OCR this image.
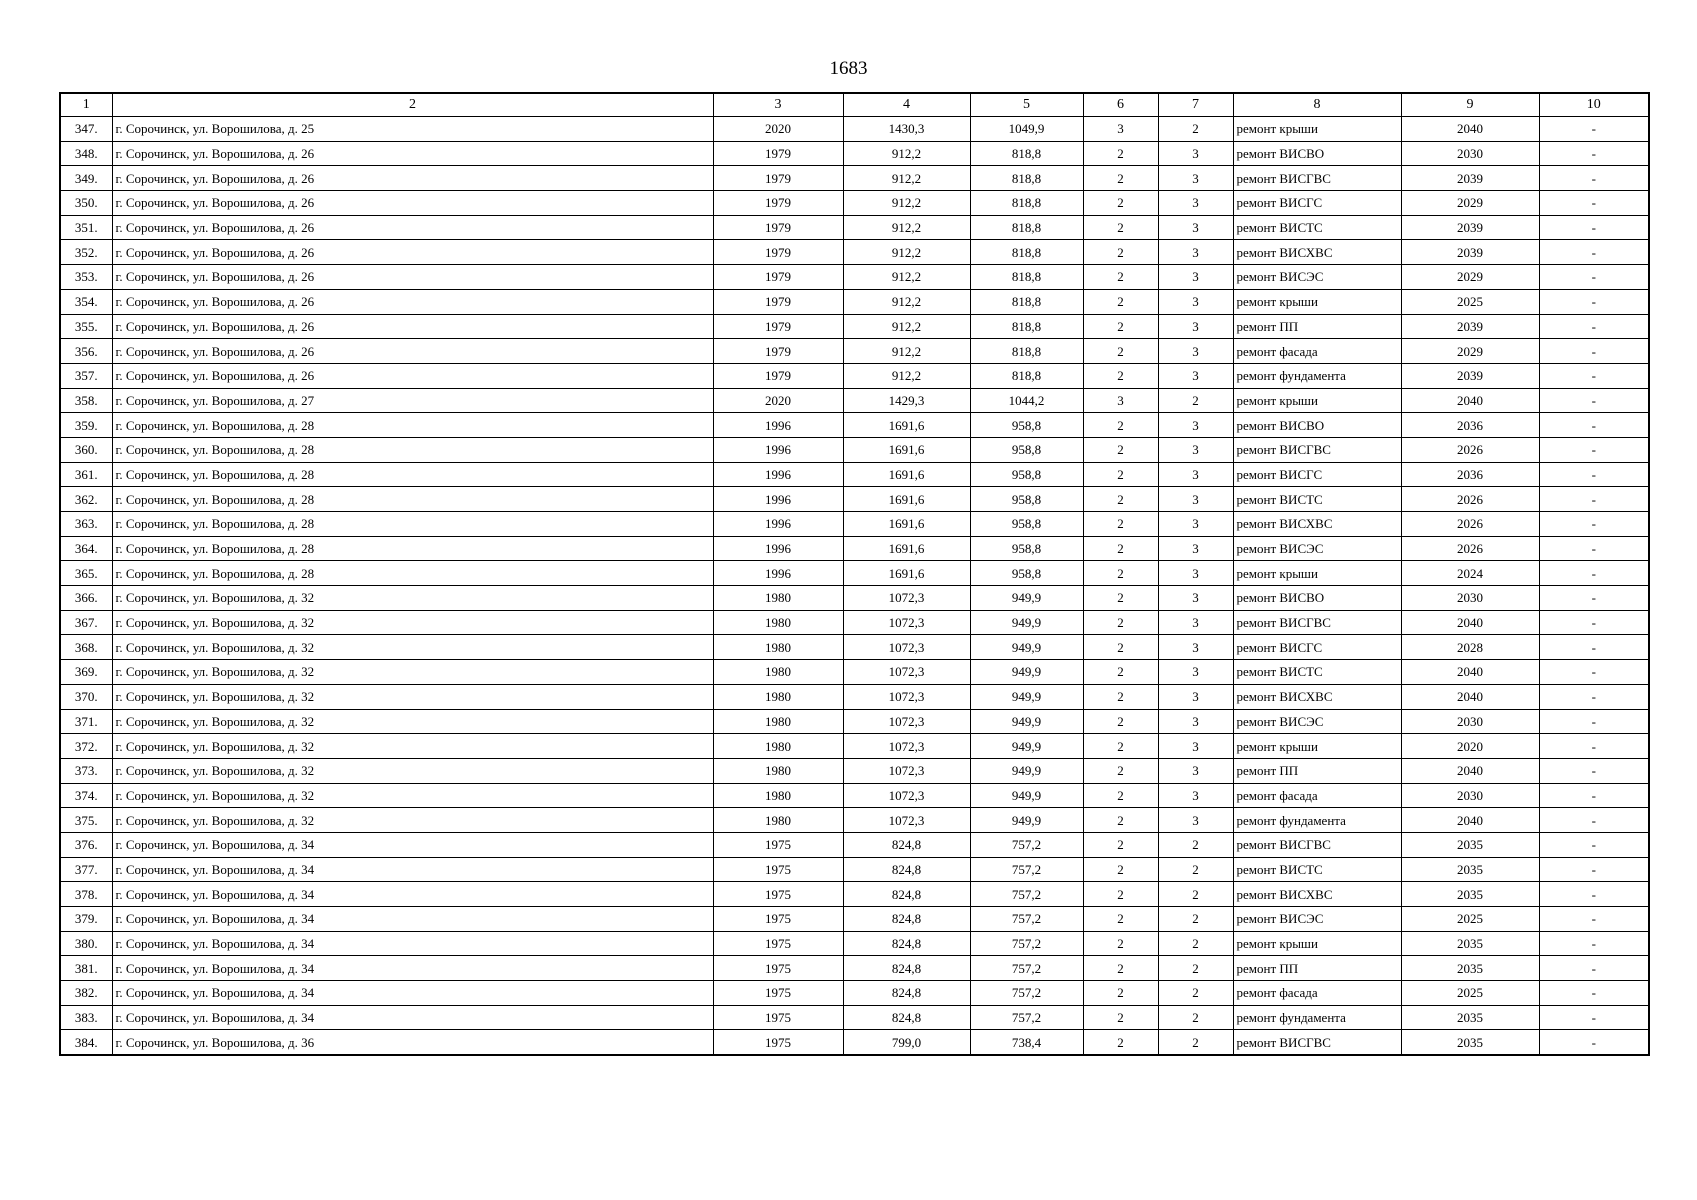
1683
1	2	3	4	5	6	7	8	9	10
347.	г. Сорочинск, ул. Ворошилова, д. 25	2020	1430,3	1049,9	3	2	ремонт крыши	2040	-
348.	г. Сорочинск, ул. Ворошилова, д. 26	1979	912,2	818,8	2	3	ремонт ВИСВО	2030	-
349.	г. Сорочинск, ул. Ворошилова, д. 26	1979	912,2	818,8	2	3	ремонт ВИСГВС	2039	-
350.	г. Сорочинск, ул. Ворошилова, д. 26	1979	912,2	818,8	2	3	ремонт ВИСГС	2029	-
351.	г. Сорочинск, ул. Ворошилова, д. 26	1979	912,2	818,8	2	3	ремонт ВИСТС	2039	-
352.	г. Сорочинск, ул. Ворошилова, д. 26	1979	912,2	818,8	2	3	ремонт ВИСХВС	2039	-
353.	г. Сорочинск, ул. Ворошилова, д. 26	1979	912,2	818,8	2	3	ремонт ВИСЭС	2029	-
354.	г. Сорочинск, ул. Ворошилова, д. 26	1979	912,2	818,8	2	3	ремонт крыши	2025	-
355.	г. Сорочинск, ул. Ворошилова, д. 26	1979	912,2	818,8	2	3	ремонт ПП	2039	-
356.	г. Сорочинск, ул. Ворошилова, д. 26	1979	912,2	818,8	2	3	ремонт фасада	2029	-
357.	г. Сорочинск, ул. Ворошилова, д. 26	1979	912,2	818,8	2	3	ремонт фундамента	2039	-
358.	г. Сорочинск, ул. Ворошилова, д. 27	2020	1429,3	1044,2	3	2	ремонт крыши	2040	-
359.	г. Сорочинск, ул. Ворошилова, д. 28	1996	1691,6	958,8	2	3	ремонт ВИСВО	2036	-
360.	г. Сорочинск, ул. Ворошилова, д. 28	1996	1691,6	958,8	2	3	ремонт ВИСГВС	2026	-
361.	г. Сорочинск, ул. Ворошилова, д. 28	1996	1691,6	958,8	2	3	ремонт ВИСГС	2036	-
362.	г. Сорочинск, ул. Ворошилова, д. 28	1996	1691,6	958,8	2	3	ремонт ВИСТС	2026	-
363.	г. Сорочинск, ул. Ворошилова, д. 28	1996	1691,6	958,8	2	3	ремонт ВИСХВС	2026	-
364.	г. Сорочинск, ул. Ворошилова, д. 28	1996	1691,6	958,8	2	3	ремонт ВИСЭС	2026	-
365.	г. Сорочинск, ул. Ворошилова, д. 28	1996	1691,6	958,8	2	3	ремонт крыши	2024	-
366.	г. Сорочинск, ул. Ворошилова, д. 32	1980	1072,3	949,9	2	3	ремонт ВИСВО	2030	-
367.	г. Сорочинск, ул. Ворошилова, д. 32	1980	1072,3	949,9	2	3	ремонт ВИСГВС	2040	-
368.	г. Сорочинск, ул. Ворошилова, д. 32	1980	1072,3	949,9	2	3	ремонт ВИСГС	2028	-
369.	г. Сорочинск, ул. Ворошилова, д. 32	1980	1072,3	949,9	2	3	ремонт ВИСТС	2040	-
370.	г. Сорочинск, ул. Ворошилова, д. 32	1980	1072,3	949,9	2	3	ремонт ВИСХВС	2040	-
371.	г. Сорочинск, ул. Ворошилова, д. 32	1980	1072,3	949,9	2	3	ремонт ВИСЭС	2030	-
372.	г. Сорочинск, ул. Ворошилова, д. 32	1980	1072,3	949,9	2	3	ремонт крыши	2020	-
373.	г. Сорочинск, ул. Ворошилова, д. 32	1980	1072,3	949,9	2	3	ремонт ПП	2040	-
374.	г. Сорочинск, ул. Ворошилова, д. 32	1980	1072,3	949,9	2	3	ремонт фасада	2030	-
375.	г. Сорочинск, ул. Ворошилова, д. 32	1980	1072,3	949,9	2	3	ремонт фундамента	2040	-
376.	г. Сорочинск, ул. Ворошилова, д. 34	1975	824,8	757,2	2	2	ремонт ВИСГВС	2035	-
377.	г. Сорочинск, ул. Ворошилова, д. 34	1975	824,8	757,2	2	2	ремонт ВИСТС	2035	-
378.	г. Сорочинск, ул. Ворошилова, д. 34	1975	824,8	757,2	2	2	ремонт ВИСХВС	2035	-
379.	г. Сорочинск, ул. Ворошилова, д. 34	1975	824,8	757,2	2	2	ремонт ВИСЭС	2025	-
380.	г. Сорочинск, ул. Ворошилова, д. 34	1975	824,8	757,2	2	2	ремонт крыши	2035	-
381.	г. Сорочинск, ул. Ворошилова, д. 34	1975	824,8	757,2	2	2	ремонт ПП	2035	-
382.	г. Сорочинск, ул. Ворошилова, д. 34	1975	824,8	757,2	2	2	ремонт фасада	2025	-
383.	г. Сорочинск, ул. Ворошилова, д. 34	1975	824,8	757,2	2	2	ремонт фундамента	2035	-
384.	г. Сорочинск, ул. Ворошилова, д. 36	1975	799,0	738,4	2	2	ремонт ВИСГВС	2035	-
